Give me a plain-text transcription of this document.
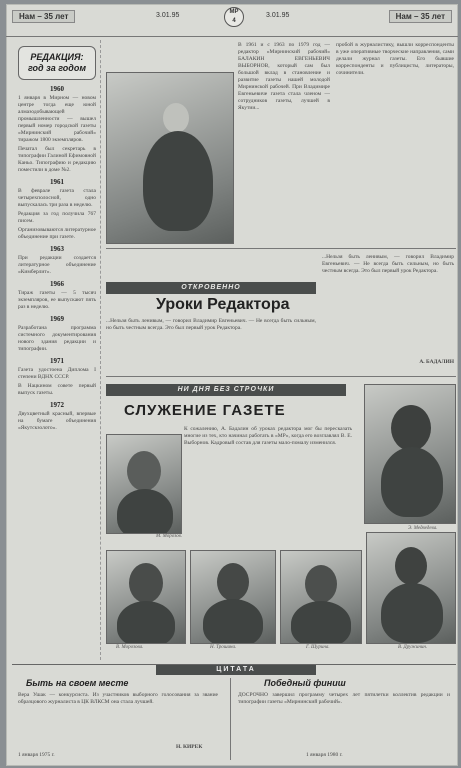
Нам – 35 лет	3.01.95	МР
4
3.01.95	Нам – 35 лет
РЕДАКЦИЯ:
год за годом
1960

1 января в Мирном — новом центре тогда еще юной алмазодобывающей промышленности — вышел первый номер городской газеты «Мирнинский рабочий» тиражом 1800 экземпляров.

Печатал был секретарь в типографии Галиной Ефимовной Каньо. Типографию и редакцию поместили в доме №2.

1961

В феврале газета стала четырехполосной, одно выпускалась три раза в неделю.

Редакция за год получила 767 писем.

Организовываются литературное объединение при газете.

1963

При редакции создается литературное объединение «Кимберлит».

1966

Тираж газеты — 5 тысяч экземпляров, ее выпускают пять раз в неделю.

1969

Разработана программа системного документирования нового здания редакции и типографии.

1971

Газета удостоена Диплома I степени ВДНХ СССР.

В Нацкином совете первый выпуск газеты.

1972

Двухцветный красный, впервые на бумаге объединения «Якутскзолото».

В 1961 и с 1963 по 1979 год — редактор «Мирнинский рабочий» БАЛАКИН ЕВГЕНЬЕВИЧ ВЫБОРНОВ, который сам был большой вклад в становление и развитие газеты нашей молодой Мирнинской рабочей. При Владимире Евгеньевиче газета стала членом — сотрудников газеты, лучшей в Якутии...
пробой в журналистику, вышли корреспонденты в уже оперативные творческие направления, сами делали журнал газеты. Его бывшие корреспонденты и публицисты, литераторы, сочинители.
ОТКРОВЕННО
Уроки Редактора
...Нельзя быть ленивым, — говорил Владимир Евгеньевич. — Не всегда быть сильным, но быть честным всегда. Это был первый урок Редактора.
...Нельзя быть ленивым, — говорил Владимир Евгеньевич. — Не всегда быть сильным, но быть честным всегда. Это был первый урок Редактора.
А. БАДАЛИН
НИ ДНЯ БЕЗ СТРОЧКИ
СЛУЖЕНИЕ ГАЗЕТЕ
К сожалению, А. Бадалин об уроках редактора мог бы пересказать многие из тех, кто начинал работать в «МР», когда его возглавлял В. Е. Выборнов. Кадровый состав для газеты мало-помалу изменился.
М. Морозов.
Э. Медведева.
В. Морозова.	Н. Трошина.	Г. Шурина.	В. Дружинин.
ЦИТАТА
Быть на своем месте
Вера Ушак — конкурсиста. Из участников выборного голосования за звание образцового журналиста в ЦК ВЛКСМ она стала лучшей.
Н. КИРЕК
1 января 1975 г.
Победный финиш
ДОСРОЧНО завершил программу четырех лет пятилетки коллектив редакции и типографии газеты «Мирнинский рабочий».
1 января 1980 г.
